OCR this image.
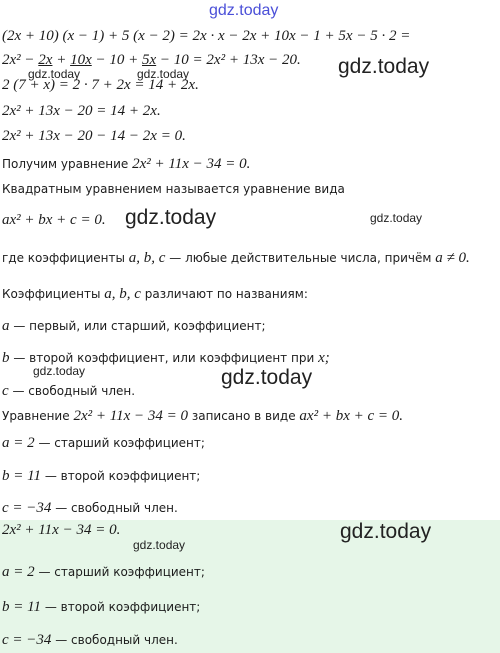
gdz.today
(2x + 10) (x − 1) + 5 (x − 2) = 2x · x − 2x + 10x − 1 + 5x − 5 · 2 =
2x² − 2x + 10x − 10 + 5x − 10 = 2x² + 13x − 20.
2 (7 + x) = 2 · 7 + 2x = 14 + 2x.
2x² + 13x − 20 = 14 + 2x.
2x² + 13x − 20 − 14 − 2x = 0.
Получим уравнение 2x² + 11x − 34 = 0.
Квадратным уравнением называется уравнение вида
ax² + bx + c = 0.
где коэффициенты a, b, c — любые действительные числа, причём a ≠ 0.
Коэффициенты a, b, c различают по названиям:
a — первый, или старший, коэффициент;
b — второй коэффициент, или коэффициент при x;
c — свободный член.
Уравнение 2x² + 11x − 34 = 0 записано в виде ax² + bx + c = 0.
a = 2 — старший коэффициент;
b = 11 — второй коэффициент;
c = −34 — свободный член.
2x² + 11x − 34 = 0.
a = 2 — старший коэффициент;
b = 11 — второй коэффициент;
c = −34 — свободный член.
gdz.today	gdz.today	gdz.today
gdz.today	gdz.today
gdz.today	gdz.today
gdz.today
gdz.today
